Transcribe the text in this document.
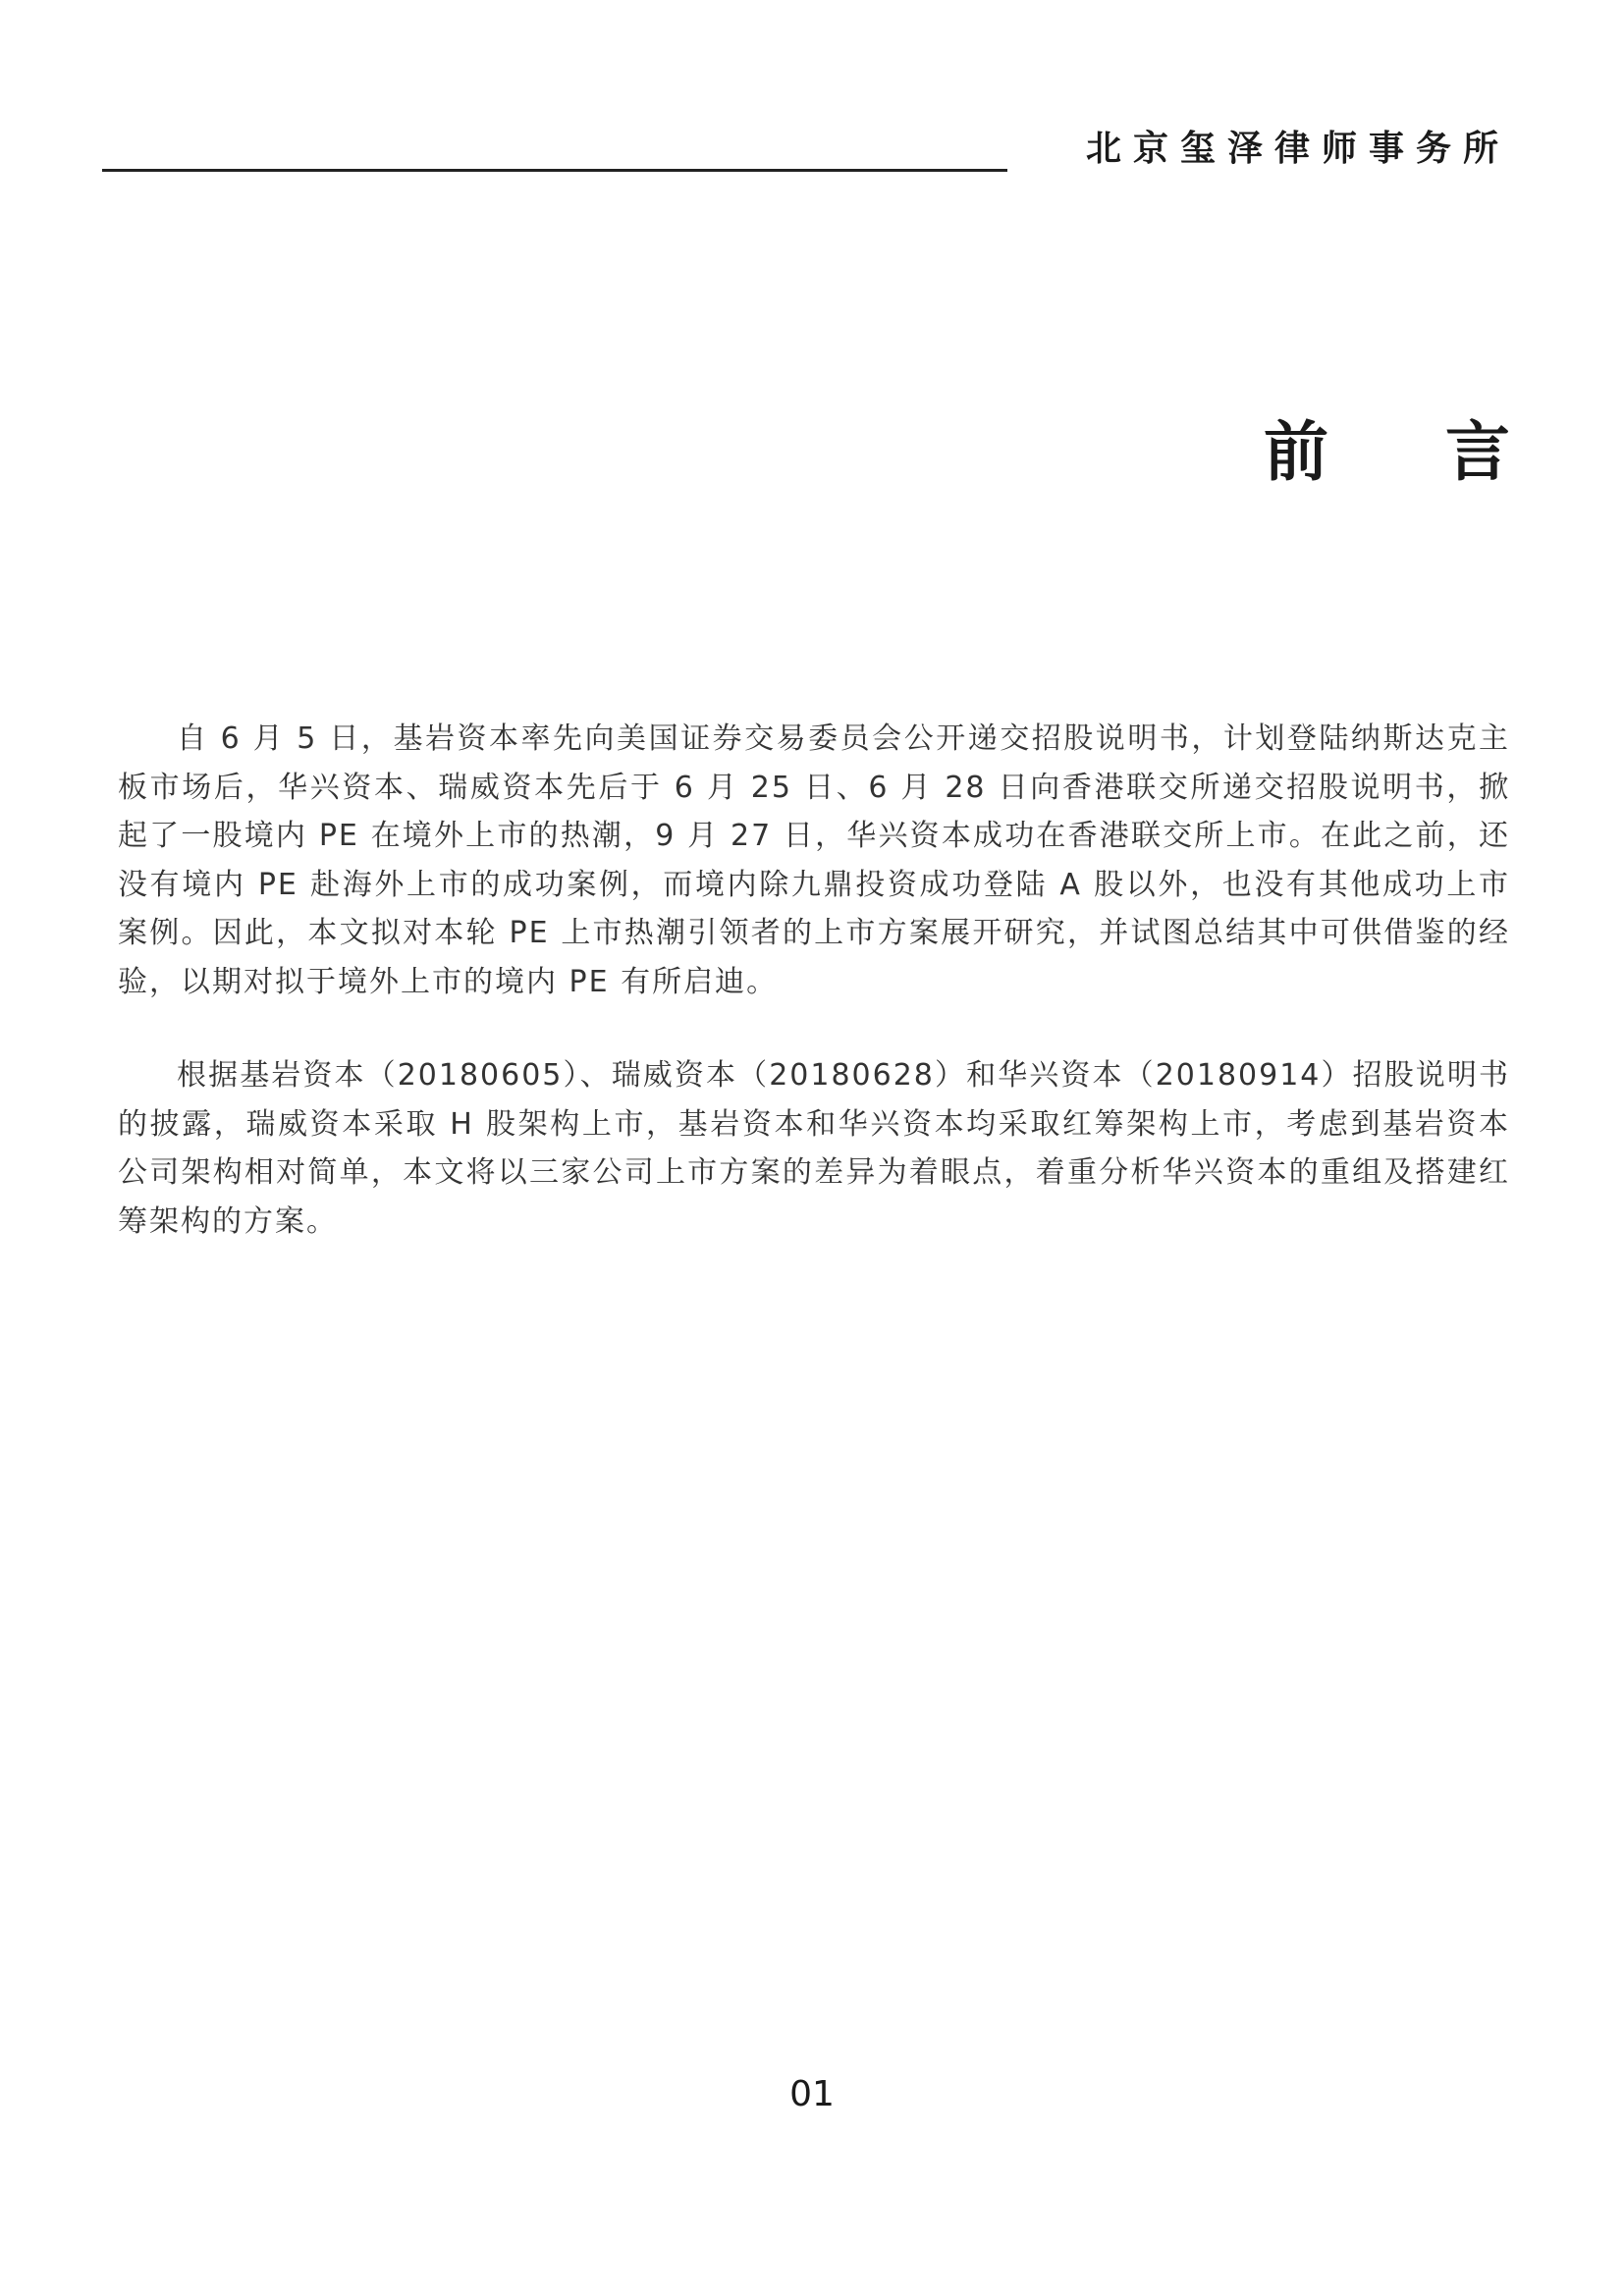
北京玺泽律师事务所
前 言

自 6 月 5 日，基岩资本率先向美国证券交易委员会公开递交招股说明书，计划登陆纳斯达克主板市场后，华兴资本、瑞威资本先后于 6 月 25 日、6 月 28 日向香港联交所递交招股说明书，掀起了一股境内 PE 在境外上市的热潮，9 月 27 日，华兴资本成功在香港联交所上市。在此之前，还没有境内 PE 赴海外上市的成功案例，而境内除九鼎投资成功登陆 A 股以外，也没有其他成功上市案例。因此，本文拟对本轮 PE 上市热潮引领者的上市方案展开研究，并试图总结其中可供借鉴的经验，以期对拟于境外上市的境内 PE 有所启迪。

根据基岩资本（20180605）、瑞威资本（20180628）和华兴资本（20180914）招股说明书的披露，瑞威资本采取 H 股架构上市，基岩资本和华兴资本均采取红筹架构上市，考虑到基岩资本公司架构相对简单，本文将以三家公司上市方案的差异为着眼点，着重分析华兴资本的重组及搭建红筹架构的方案。

01
